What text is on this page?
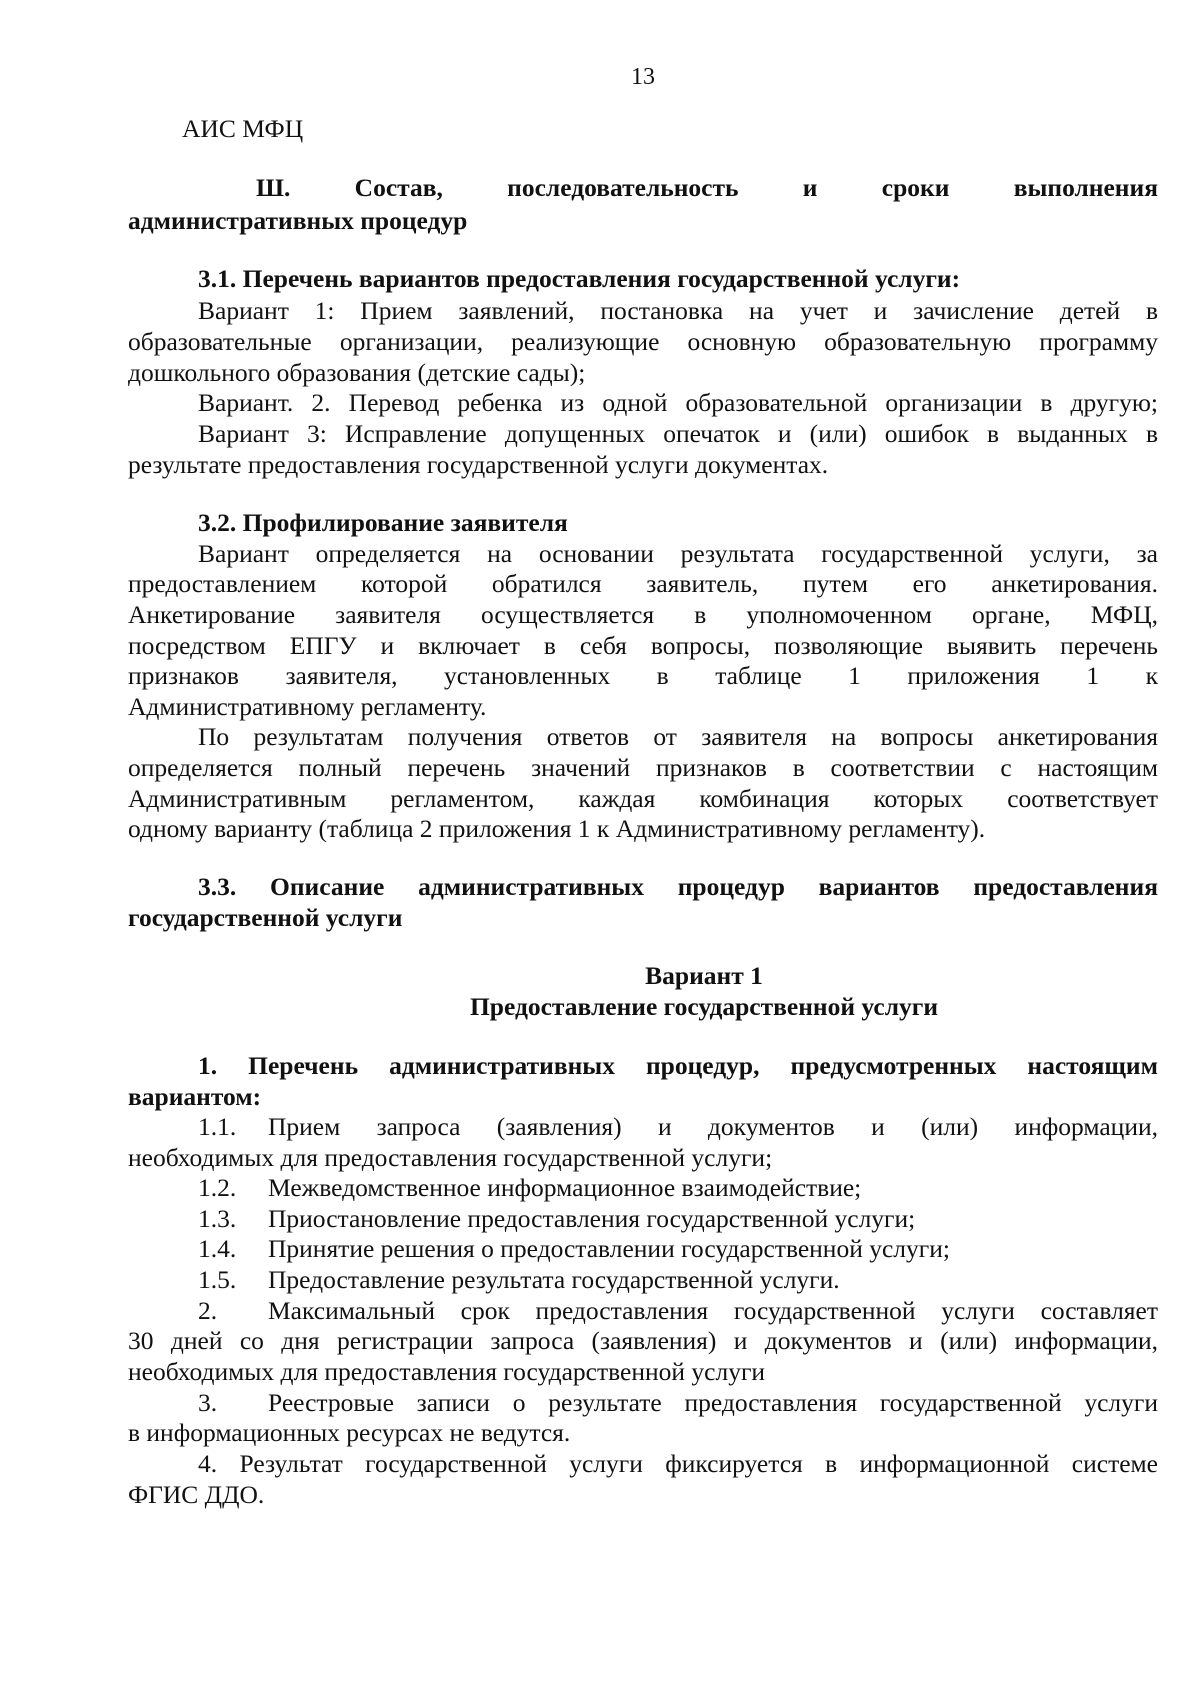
13
АИС МФЦ
Ш. Состав, последовательность и сроки выполнения
административных процедур
3.1. Перечень вариантов предоставления государственной услуги:
Вариант 1: Прием заявлений, постановка на учет и зачисление детей в
образовательные организации, реализующие основную образовательную программу
дошкольного образования (детские сады);
Вариант. 2. Перевод ребенка из одной образовательной организации в другую;
Вариант 3: Исправление допущенных опечаток и (или) ошибок в выданных в
результате предоставления государственной услуги документах.
3.2. Профилирование заявителя
Вариант определяется на основании результата государственной услуги, за
предоставлением которой обратился заявитель, путем его анкетирования.
Анкетирование заявителя осуществляется в уполномоченном органе, МФЦ,
посредством ЕПГУ и включает в себя вопросы, позволяющие выявить перечень
признаков заявителя, установленных в таблице 1 приложения 1 к
Административному регламенту.
По результатам получения ответов от заявителя на вопросы анкетирования
определяется полный перечень значений признаков в соответствии с настоящим
Административным регламентом, каждая комбинация которых соответствует
одному варианту (таблица 2 приложения 1 к Административному регламенту).
3.3. Описание административных процедур вариантов предоставления
государственной услуги
Вариант 1
Предоставление государственной услуги
1. Перечень административных процедур, предусмотренных настоящим
вариантом:
1.1. Прием запроса (заявления) и документов и (или) информации,
необходимых для предоставления государственной услуги;
1.2. Межведомственное информационное взаимодействие;
1.3. Приостановление предоставления государственной услуги;
1.4. Принятие решения о предоставлении государственной услуги;
1.5. Предоставление результата государственной услуги.
2. Максимальный срок предоставления государственной услуги составляет
30 дней со дня регистрации запроса (заявления) и документов и (или) информации,
необходимых для предоставления государственной услуги
3. Реестровые записи о результате предоставления государственной услуги
в информационных ресурсах не ведутся.
4. Результат государственной услуги фиксируется в информационной системе
ФГИС ДДО.
